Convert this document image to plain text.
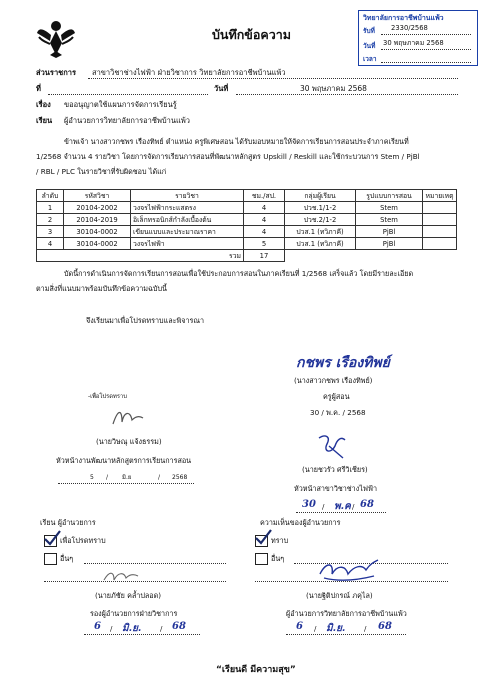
บันทึกข้อความ
วิทยาลัยการอาชีพบ้านแพ้ว
รับที่ 2330/2568
วันที่ 30 พฤษภาคม 2568
เวลา
ส่วนราชการ สาขาวิชาช่างไฟฟ้า ฝ่ายวิชาการ วิทยาลัยการอาชีพบ้านแพ้ว
ที่	วันที่	30 พฤษภาคม 2568
เรื่อง ขออนุญาตใช้แผนการจัดการเรียนรู้
เรียน ผู้อำนวยการวิทยาลัยการอาชีพบ้านแพ้ว
ข้าพเจ้า นางสาวกชพร เรืองทิพย์ ตำแหน่ง ครูพิเศษสอน ได้รับมอบหมายให้จัดการเรียนการสอนประจำภาคเรียนที่
1/2568 จำนวน 4 รายวิชา โดยการจัดการเรียนการสอนที่พัฒนาหลักสูตร Upskill / Reskill และใช้กระบวนการ Stem / PjBl
/ RBL / PLC ในรายวิชาที่รับผิดชอบ ได้แก่
ลำดับ	รหัสวิชา	รายวิชา	ชม./สป.	กลุ่มผู้เรียน	รูปแบบการสอน	หมายเหตุ
1	20104-2002	วงจรไฟฟ้ากระแสตรง	4	ปวช.1/1-2	Stem	
2	20104-2019	อิเล็กทรอนิกส์กำลังเบื้องต้น	4	ปวช.2/1-2	Stem	
3	30104-0002	เขียนแบบและประมาณราคา	4	ปวส.1 (ทวิภาคี)	PjBl	
4	30104-0002	วงจรไฟฟ้า	5	ปวส.1 (ทวิภาคี)	PjBl	
รวม			17			
บัดนี้การดำเนินการจัดการเรียนการสอนเพื่อใช้ประกอบการสอนในภาคเรียนที่ 1/2568 เสร็จแล้ว โดยมีรายละเอียด
ตามสิ่งที่แนบมาพร้อมบันทึกข้อความฉบับนี้
จึงเรียนมาเพื่อโปรดทราบและพิจารณา
กชพร เรืองทิพย์
(นางสาวกชพร เรืองทิพย์)
ครูผู้สอน
30 / พ.ค. / 2568
-เพื่อโปรดทราบ
(นายวิษณุ แจ้งธรรม)
หัวหน้างานพัฒนาหลักสูตรการเรียนการสอน
5 / มิ.ย	/ 2568
(นายชวรัว ศรีวิเชียร)
หัวหน้าสาขาวิชาช่างไฟฟ้า
30 / พ.ค / 68
เรียน ผู้อำนวยการ
เพื่อโปรดทราบ
อื่นๆ
(นายภัชัย คล้ำปลอด)
รองผู้อำนวยการฝ่ายวิชาการ
6 / มิ.ย.	/ 68
ความเห็นของผู้อำนวยการ
ทราบ
อื่นๆ
(นายฐิติปกรณ์ ภคุไล)
ผู้อำนวยการวิทยาลัยการอาชีพบ้านแพ้ว
6 / มิ.ย.	/ 68
“เรียนดี มีความสุข”
